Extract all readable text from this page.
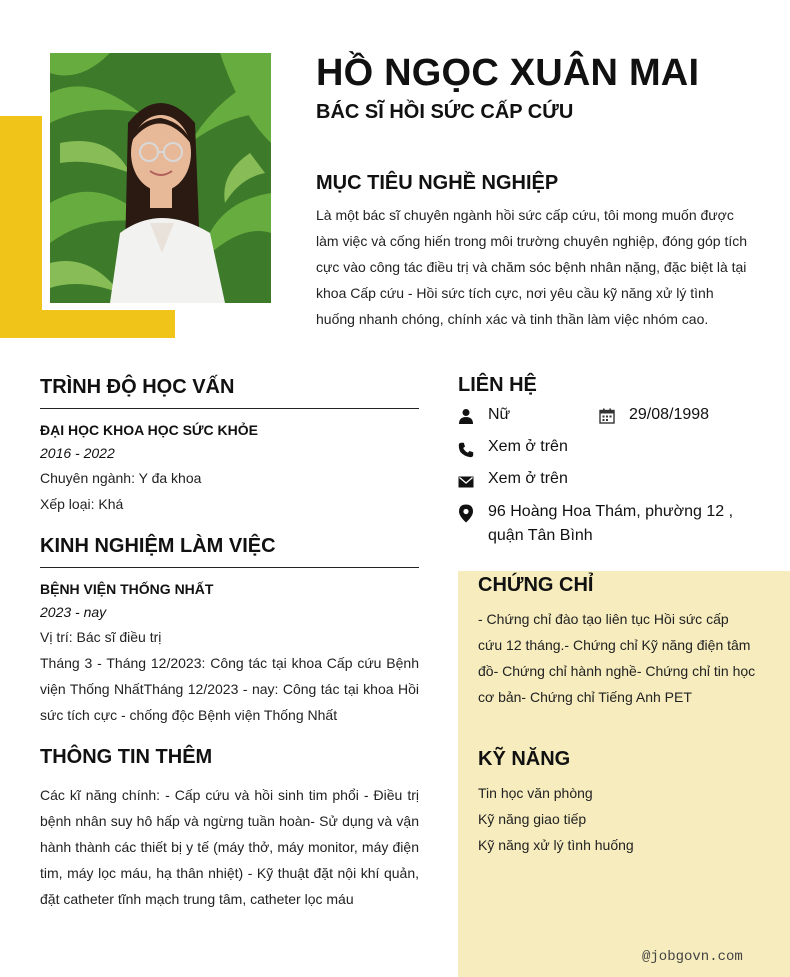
HỒ NGỌC XUÂN MAI
BÁC SĨ HỒI SỨC CẤP CỨU
MỤC TIÊU NGHỀ NGHIỆP
Là một bác sĩ chuyên ngành hồi sức cấp cứu, tôi mong muốn được làm việc và cống hiến trong môi trường chuyên nghiệp, đóng góp tích cực vào công tác điều trị và chăm sóc bệnh nhân nặng, đặc biệt là tại khoa Cấp cứu - Hồi sức tích cực, nơi yêu cầu kỹ năng xử lý tình huống nhanh chóng, chính xác và tinh thần làm việc nhóm cao.
TRÌNH ĐỘ HỌC VẤN
ĐẠI HỌC KHOA HỌC SỨC KHỎE
2016 - 2022
Chuyên ngành: Y đa khoa
Xếp loại: Khá
KINH NGHIỆM LÀM VIỆC
BỆNH VIỆN THỐNG NHẤT
2023 - nay
Vị trí: Bác sĩ điều trị
Tháng 3 - Tháng 12/2023: Công tác tại khoa Cấp cứu Bệnh viện Thống NhấtTháng 12/2023 - nay: Công tác tại khoa Hồi sức tích cực - chống độc Bệnh viện Thống Nhất
THÔNG TIN THÊM
Các kĩ năng chính: - Cấp cứu và hồi sinh tim phổi - Điều trị bệnh nhân suy hô hấp và ngừng tuần hoàn- Sử dụng và vận hành thành các thiết bị y tế (máy thở, máy monitor, máy điện tim, máy lọc máu, hạ thân nhiệt) - Kỹ thuật đặt nội khí quản, đặt catheter tĩnh mạch trung tâm, catheter lọc máu
LIÊN HỆ
Nữ	29/08/1998
Xem ở trên
Xem ở trên
96 Hoàng Hoa Thám, phường 12 , quận Tân Bình
CHỨNG CHỈ
- Chứng chỉ đào tạo liên tục Hồi sức cấp cứu 12 tháng.- Chứng chỉ Kỹ năng điện tâm đồ- Chứng chỉ hành nghề- Chứng chỉ tin học cơ bản- Chứng chỉ Tiếng Anh PET
KỸ NĂNG
Tin học văn phòng
Kỹ năng giao tiếp
Kỹ năng xử lý tình huống
@jobgovn.com
